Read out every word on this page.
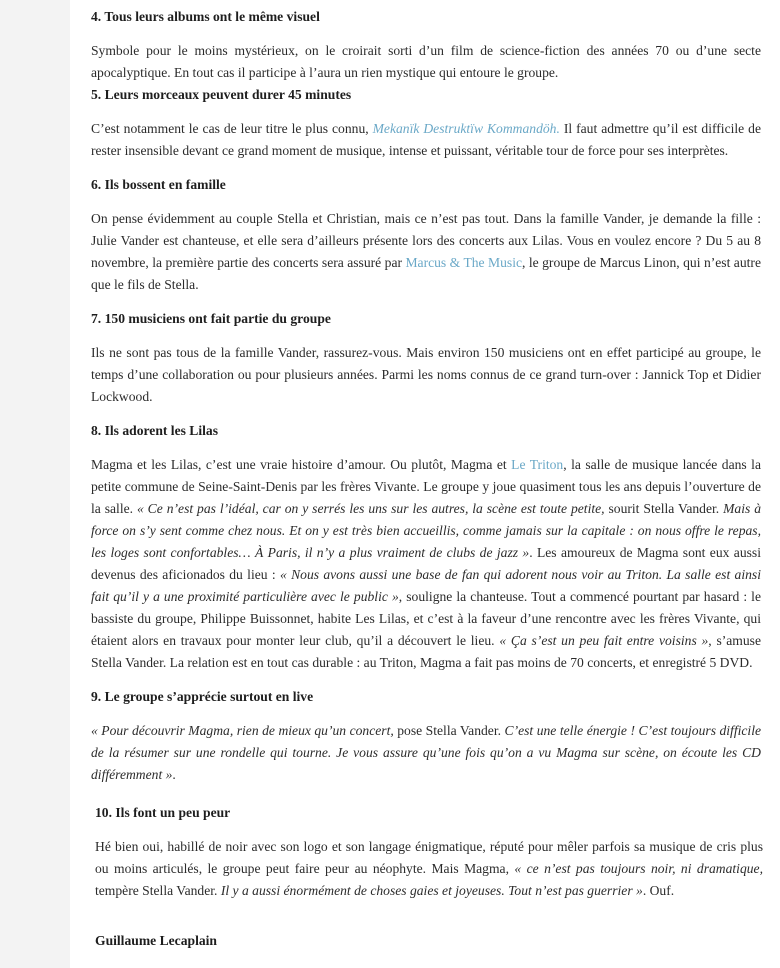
4. Tous leurs albums ont le même visuel

Symbole pour le moins mystérieux, on le croirait sorti d’un film de science-fiction des années 70 ou d’une secte apocalyptique. En tout cas il participe à l’aura un rien mystique qui entoure le groupe.

5. Leurs morceaux peuvent durer 45 minutes

C’est notamment le cas de leur titre le plus connu, Mekanïk Destruktïw Kommandöh. Il faut admettre qu’il est difficile de rester insensible devant ce grand moment de musique, intense et puissant, véritable tour de force pour ses interprètes.

6. Ils bossent en famille

On pense évidemment au couple Stella et Christian, mais ce n’est pas tout. Dans la famille Vander, je demande la fille : Julie Vander est chanteuse, et elle sera d’ailleurs présente lors des concerts aux Lilas. Vous en voulez encore ? Du 5 au 8 novembre, la première partie des concerts sera assuré par Marcus & The Music, le groupe de Marcus Linon, qui n’est autre que le fils de Stella.

7. 150 musiciens ont fait partie du groupe

Ils ne sont pas tous de la famille Vander, rassurez-vous. Mais environ 150 musiciens ont en effet participé au groupe, le temps d’une collaboration ou pour plusieurs années. Parmi les noms connus de ce grand turn-over : Jannick Top et Didier Lockwood.

8. Ils adorent les Lilas

Magma et les Lilas, c’est une vraie histoire d’amour. Ou plutôt, Magma et Le Triton, la salle de musique lancée dans la petite commune de Seine-Saint-Denis par les frères Vivante. Le groupe y joue quasiment tous les ans depuis l’ouverture de la salle. « Ce n’est pas l’idéal, car on y serrés les uns sur les autres, la scène est toute petite, sourit Stella Vander. Mais à force on s’y sent comme chez nous. Et on y est très bien accueillis, comme jamais sur la capitale : on nous offre le repas, les loges sont confortables… À Paris, il n’y a plus vraiment de clubs de jazz ». Les amoureux de Magma sont eux aussi devenus des aficionados du lieu : « Nous avons aussi une base de fan qui adorent nous voir au Triton. La salle est ainsi fait qu’il y a une proximité particulière avec le public », souligne la chanteuse. Tout a commencé pourtant par hasard : le bassiste du groupe, Philippe Buissonnet, habite Les Lilas, et c’est à la faveur d’une rencontre avec les frères Vivante, qui étaient alors en travaux pour monter leur club, qu’il a découvert le lieu. « Ça s’est un peu fait entre voisins », s’amuse Stella Vander. La relation est en tout cas durable : au Triton, Magma a fait pas moins de 70 concerts, et enregistré 5 DVD.

9. Le groupe s’apprécie surtout en live

« Pour découvrir Magma, rien de mieux qu’un concert, pose Stella Vander. C’est une telle énergie ! C’est toujours difficile de la résumer sur une rondelle qui tourne. Je vous assure qu’une fois qu’on a vu Magma sur scène, on écoute les CD différemment ».

10. Ils font un peu peur

Hé bien oui, habillé de noir avec son logo et son langage énigmatique, réputé pour mêler parfois sa musique de cris plus ou moins articulés, le groupe peut faire peur au néophyte. Mais Magma, « ce n’est pas toujours noir, ni dramatique, tempère Stella Vander. Il y a aussi énormément de choses gaies et joyeuses. Tout n’est pas guerrier ». Ouf.

Guillaume Lecaplain
